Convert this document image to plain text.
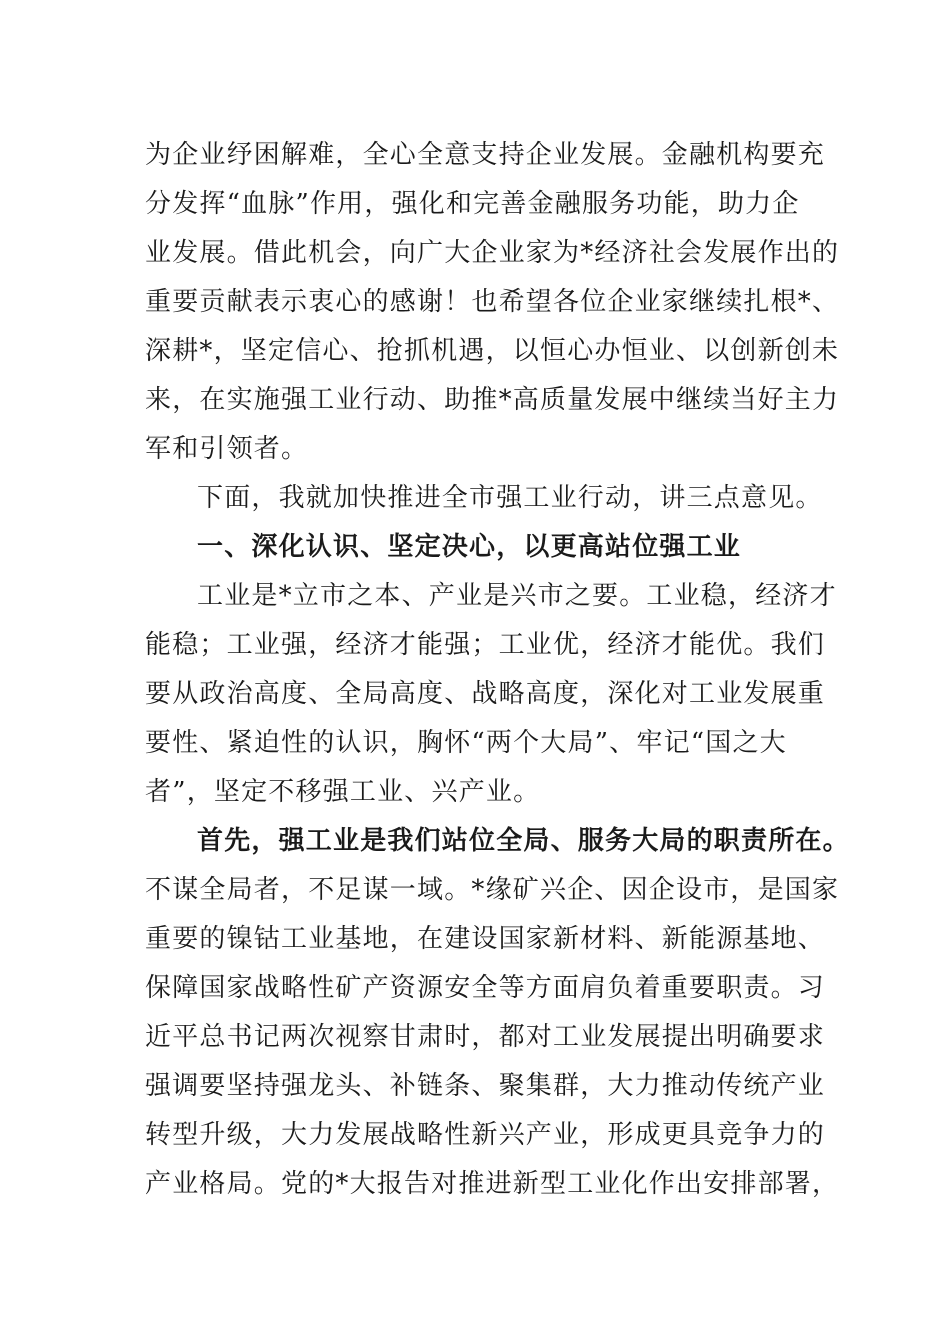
为企业纾困解难，全心全意支持企业发展。金融机构要充
分发挥“血脉”作用，强化和完善金融服务功能，助力企
业发展。借此机会，向广大企业家为*经济社会发展作出的
重要贡献表示衷心的感谢！也希望各位企业家继续扎根*、
深耕*，坚定信心、抢抓机遇，以恒心办恒业、以创新创未
来，在实施强工业行动、助推*高质量发展中继续当好主力
军和引领者。
下面，我就加快推进全市强工业行动，讲三点意见。
一、深化认识、坚定决心，以更高站位强工业
工业是*立市之本、产业是兴市之要。工业稳，经济才
能稳；工业强，经济才能强；工业优，经济才能优。我们
要从政治高度、全局高度、战略高度，深化对工业发展重
要性、紧迫性的认识，胸怀“两个大局”、牢记“国之大
者”，坚定不移强工业、兴产业。
首先，强工业是我们站位全局、服务大局的职责所在。
不谋全局者，不足谋一域。*缘矿兴企、因企设市，是国家
重要的镍钴工业基地，在建设国家新材料、新能源基地、
保障国家战略性矿产资源安全等方面肩负着重要职责。习
近平总书记两次视察甘肃时，都对工业发展提出明确要求
强调要坚持强龙头、补链条、聚集群，大力推动传统产业
转型升级，大力发展战略性新兴产业，形成更具竞争力的
产业格局。党的*大报告对推进新型工业化作出安排部署，
